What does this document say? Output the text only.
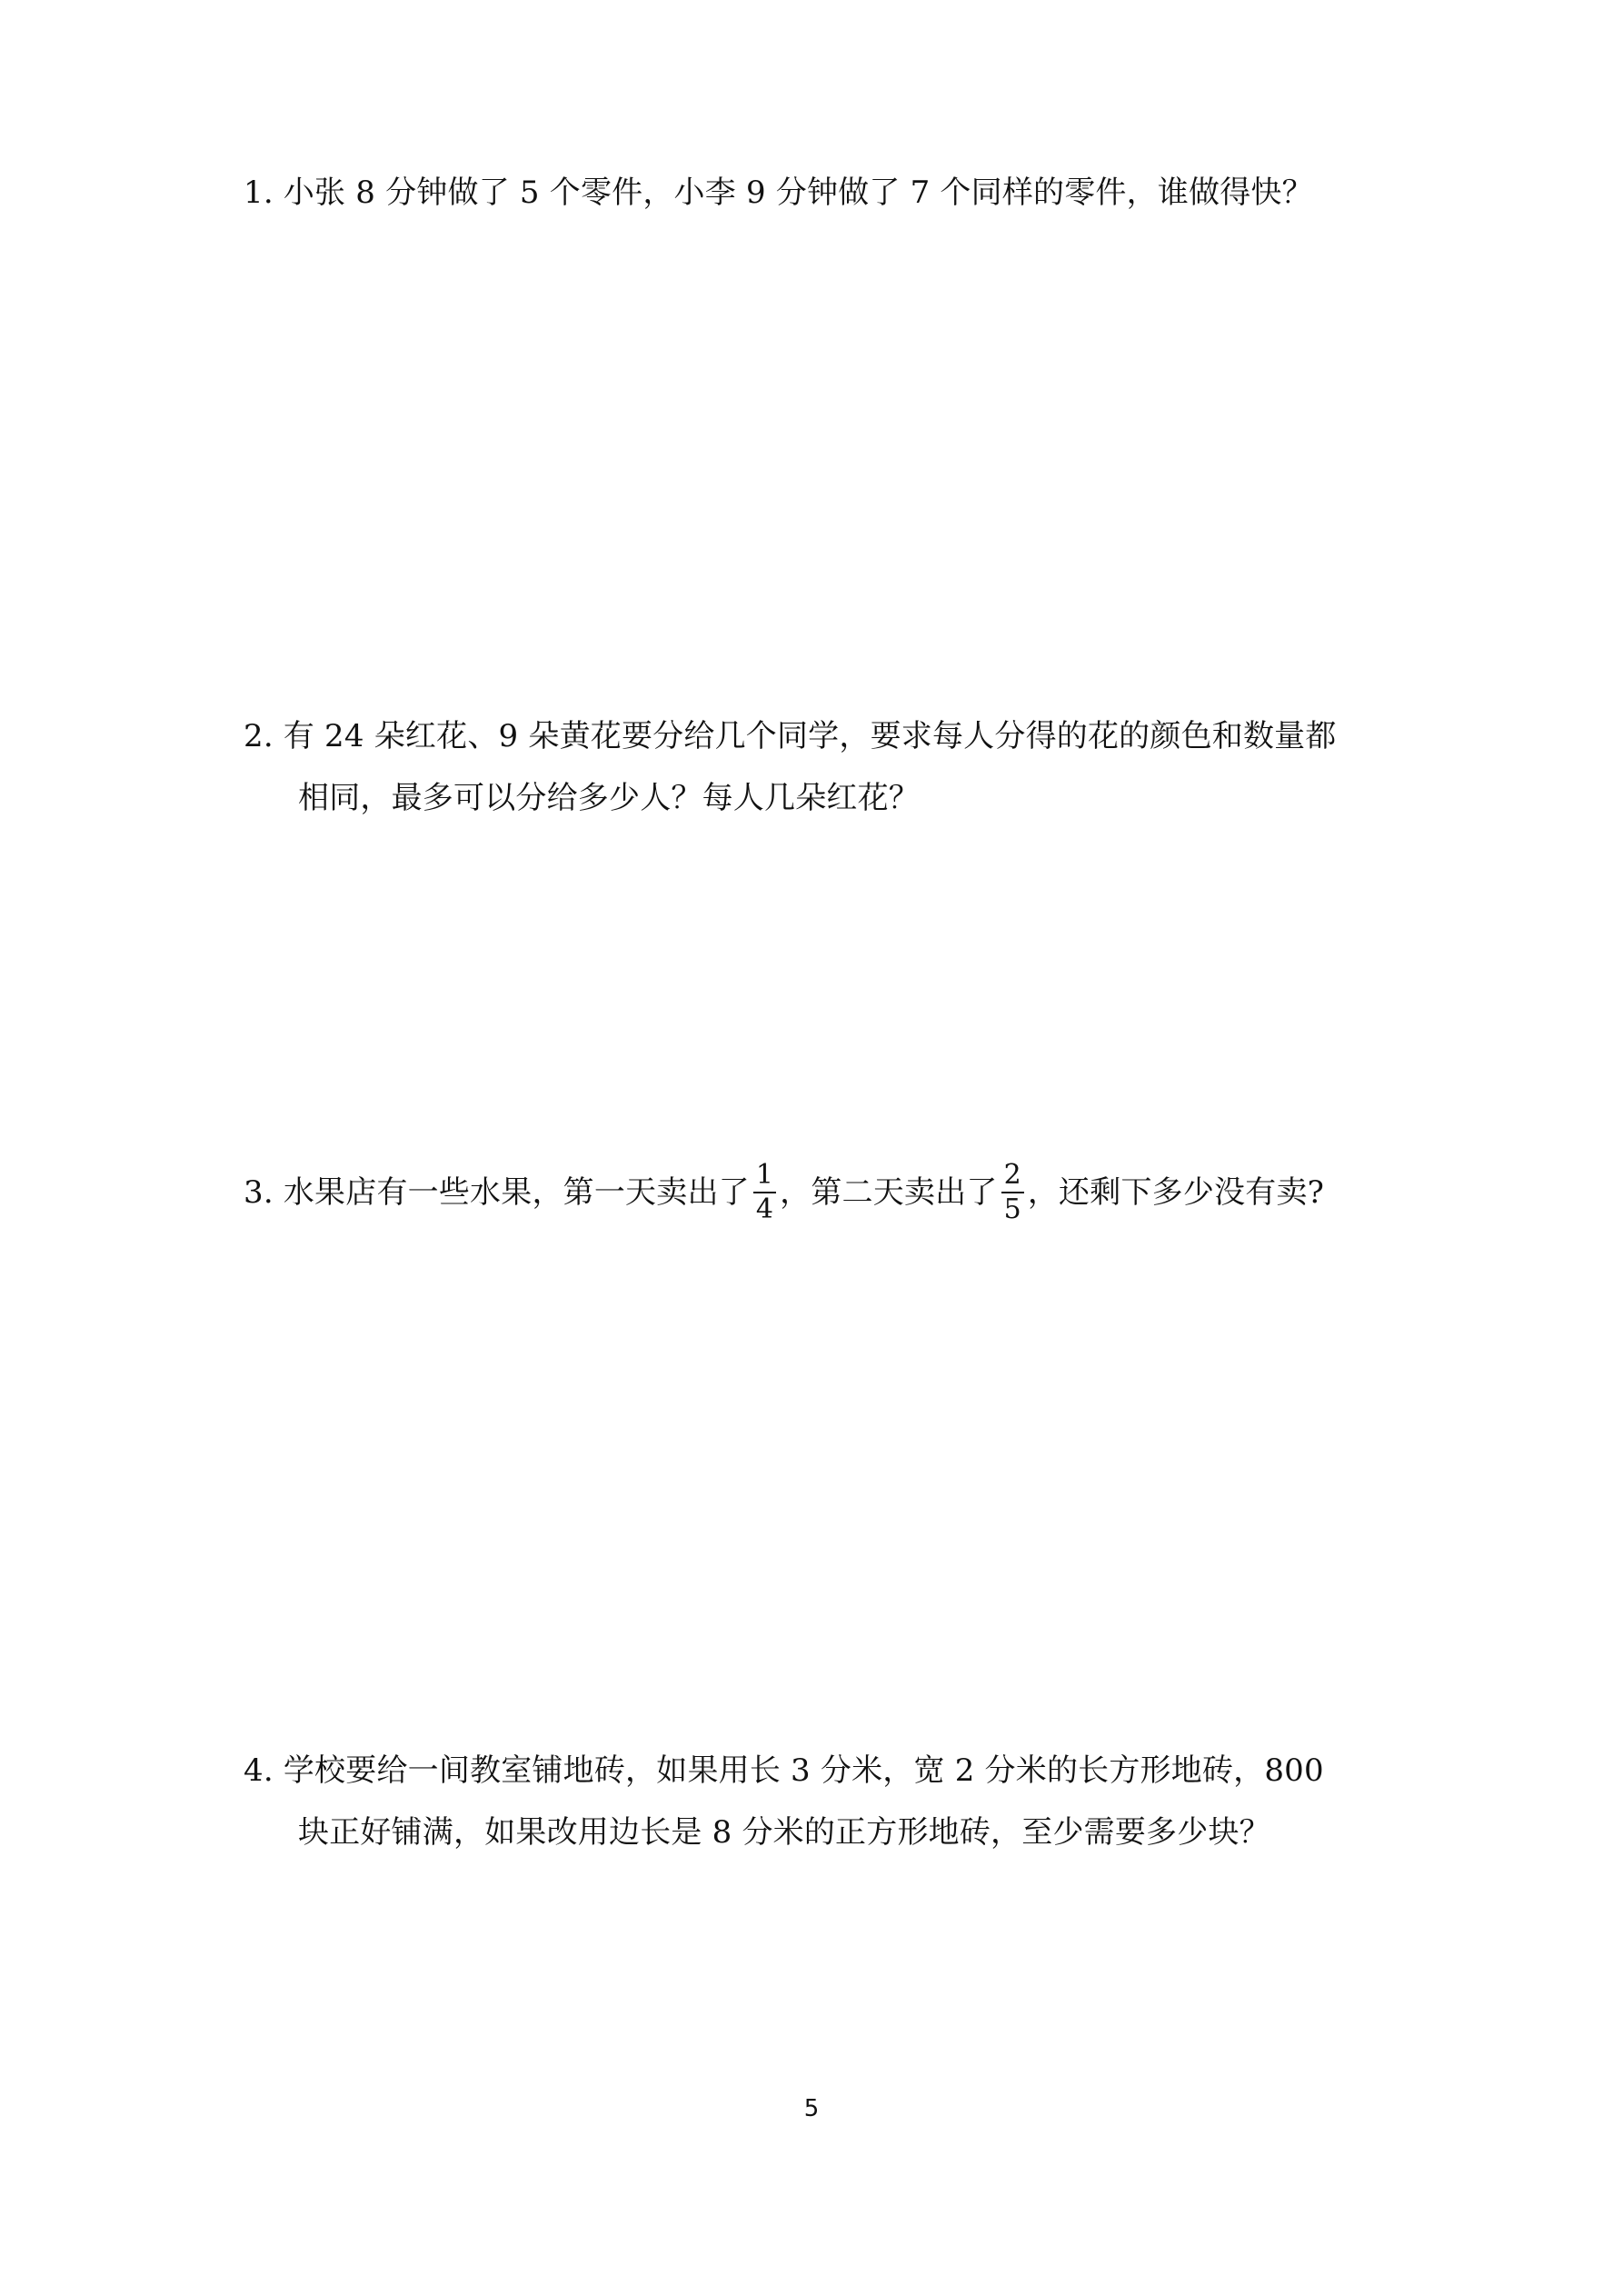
1. 小张 8 分钟做了 5 个零件，小李 9 分钟做了 7 个同样的零件，谁做得快？
2. 有 24 朵红花、9 朵黄花要分给几个同学，要求每人分得的花的颜色和数量都
相同，最多可以分给多少人？每人几朵红花？
3. 水果店有一些水果，第一天卖出了 $\frac{1}{4}$ ，第二天卖出了 $\frac{2}{5}$ ，还剩下多少没有卖?
4. 学校要给一间教室铺地砖，如果用长 3 分米，宽 2 分米的长方形地砖，800
块正好铺满，如果改用边长是 8 分米的正方形地砖，至少需要多少块？
5
